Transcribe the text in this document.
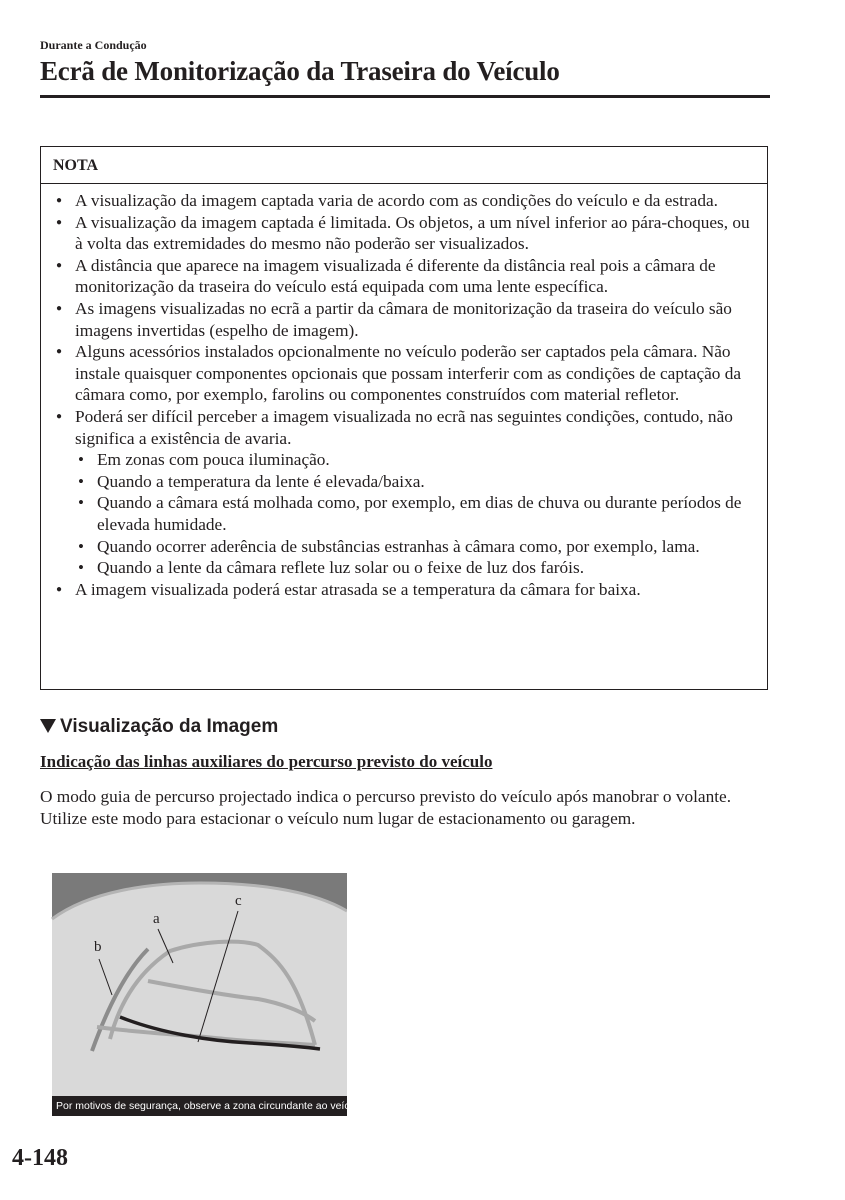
Durante a Condução
Ecrã de Monitorização da Traseira do Veículo
NOTA
● A visualização da imagem captada varia de acordo com as condições do veículo e da estrada.
● A visualização da imagem captada é limitada. Os objetos, a um nível inferior ao pára-choques, ou à volta das extremidades do mesmo não poderão ser visualizados.
● A distância que aparece na imagem visualizada é diferente da distância real pois a câmara de monitorização da traseira do veículo está equipada com uma lente específica.
● As imagens visualizadas no ecrã a partir da câmara de monitorização da traseira do veículo são imagens invertidas (espelho de imagem).
● Alguns acessórios instalados opcionalmente no veículo poderão ser captados pela câmara. Não instale quaisquer componentes opcionais que possam interferir com as condições de captação da câmara como, por exemplo, farolins ou componentes construídos com material refletor.
● Poderá ser difícil perceber a imagem visualizada no ecrã nas seguintes condições, contudo, não significa a existência de avaria.
• Em zonas com pouca iluminação.
• Quando a temperatura da lente é elevada/baixa.
• Quando a câmara está molhada como, por exemplo, em dias de chuva ou durante períodos de elevada humidade.
• Quando ocorrer aderência de substâncias estranhas à câmara como, por exemplo, lama.
• Quando a lente da câmara reflete luz solar ou o feixe de luz dos faróis.
● A imagem visualizada poderá estar atrasada se a temperatura da câmara for baixa.
Visualização da Imagem
Indicação das linhas auxiliares do percurso previsto do veículo

O modo guia de percurso projectado indica o percurso previsto do veículo após manobrar o volante.

Utilize este modo para estacionar o veículo num lugar de estacionamento ou garagem.

a
b
c
Por motivos de segurança, observe a zona circundante ao veículo
4-148
